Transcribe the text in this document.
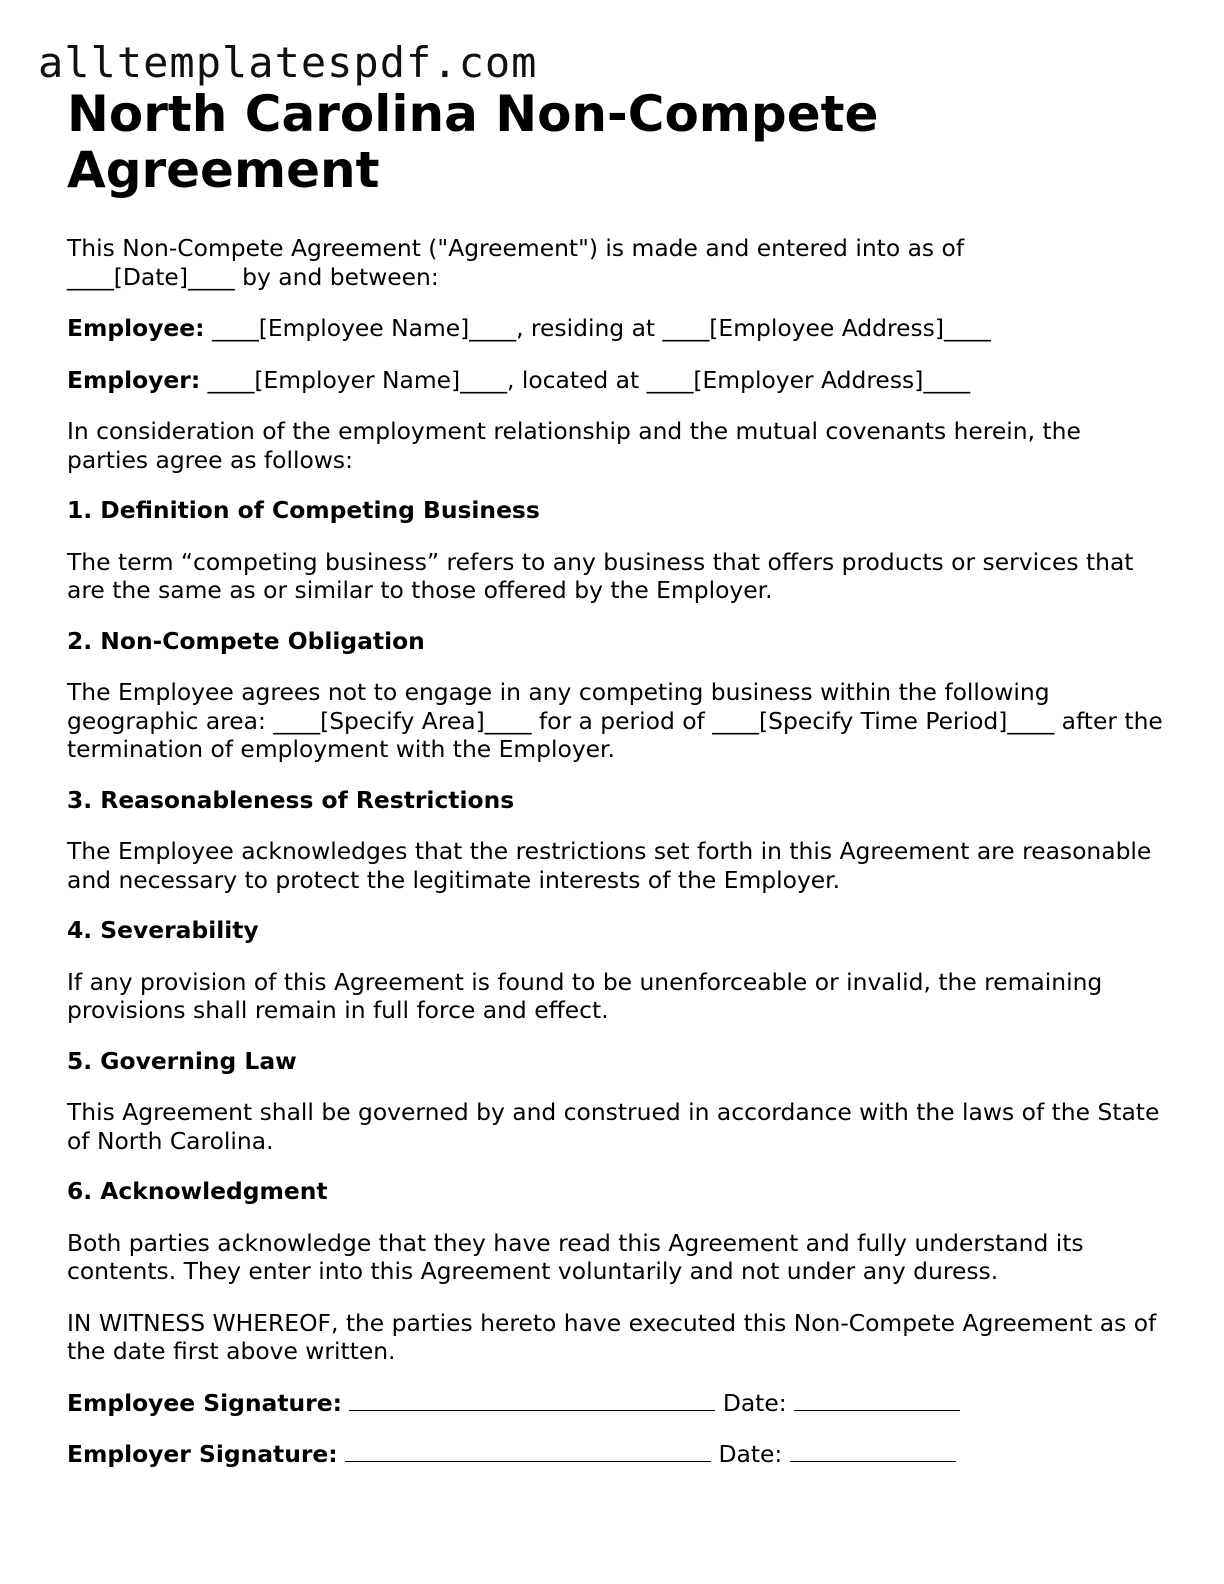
alltemplatespdf.com
North Carolina Non-Compete Agreement

This Non-Compete Agreement ("Agreement") is made and entered into as of
____[Date]____ by and between:

Employee: ____[Employee Name]____, residing at ____[Employee Address]____

Employer: ____[Employer Name]____, located at ____[Employer Address]____

In consideration of the employment relationship and the mutual covenants herein, the parties agree as follows:

1. Definition of Competing Business

The term “competing business” refers to any business that offers products or services that are the same as or similar to those offered by the Employer.

2. Non-Compete Obligation

The Employee agrees not to engage in any competing business within the following geographic area: ____[Specify Area]____ for a period of ____[Specify Time Period]____ after the termination of employment with the Employer.

3. Reasonableness of Restrictions

The Employee acknowledges that the restrictions set forth in this Agreement are reasonable and necessary to protect the legitimate interests of the Employer.

4. Severability

If any provision of this Agreement is found to be unenforceable or invalid, the remaining provisions shall remain in full force and effect.

5. Governing Law

This Agreement shall be governed by and construed in accordance with the laws of the State of North Carolina.

6. Acknowledgment

Both parties acknowledge that they have read this Agreement and fully understand its contents. They enter into this Agreement voluntarily and not under any duress.

IN WITNESS WHEREOF, the parties hereto have executed this Non-Compete Agreement as of the date first above written.

Employee Signature:	Date:

Employer Signature:	Date:
